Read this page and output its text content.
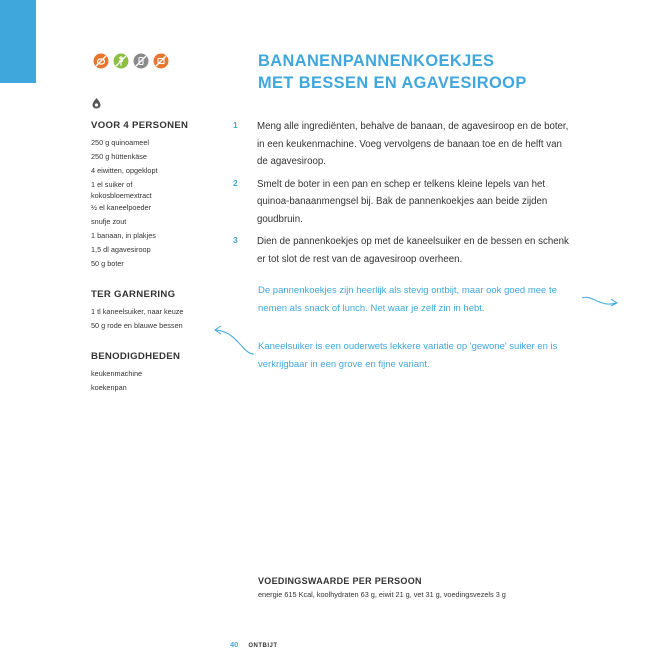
VOOR 4 PERSONEN
250 g quinoameel
250 g hüttenkäse
4 eiwitten, opgeklopt
1 el suiker of
kokosbloemextract
½ el kaneelpoeder
snufje zout
1 banaan, in plakjes
1,5 dl agavesiroop
50 g boter
TER GARNERING
1 tl kaneelsuiker, naar keuze
50 g rode en blauwe bessen
BENODIGDHEDEN
keukenmachine
koekenpan
BANANENPANNENKOEKJES
MET BESSEN EN AGAVESIROOP
1	Meng alle ingrediënten, behalve de banaan, de agavesiroop en de boter, in een keukenmachine. Voeg vervolgens de banaan toe en de helft van de agavesiroop.
2	Smelt de boter in een pan en schep er telkens kleine lepels van het quinoa-banaanmengsel bij. Bak de pannenkoekjes aan beide zijden goudbruin.
3	Dien de pannenkoekjes op met de kaneelsuiker en de bessen en schenk er tot slot de rest van de agavesiroop overheen.
De pannenkoekjes zijn heerlijk als stevig ontbijt, maar ook goed mee te nemen als snack of lunch. Net waar je zelf zin in hebt.
Kaneelsuiker is een ouderwets lekkere variatie op 'gewone' suiker en is verkrijgbaar in een grove en fijne variant.
VOEDINGSWAARDE PER PERSOON
energie 615 Kcal, koolhydraten 63 g, eiwit 21 g, vet 31 g, voedingsvezels 3 g
40 ONTBIJT
